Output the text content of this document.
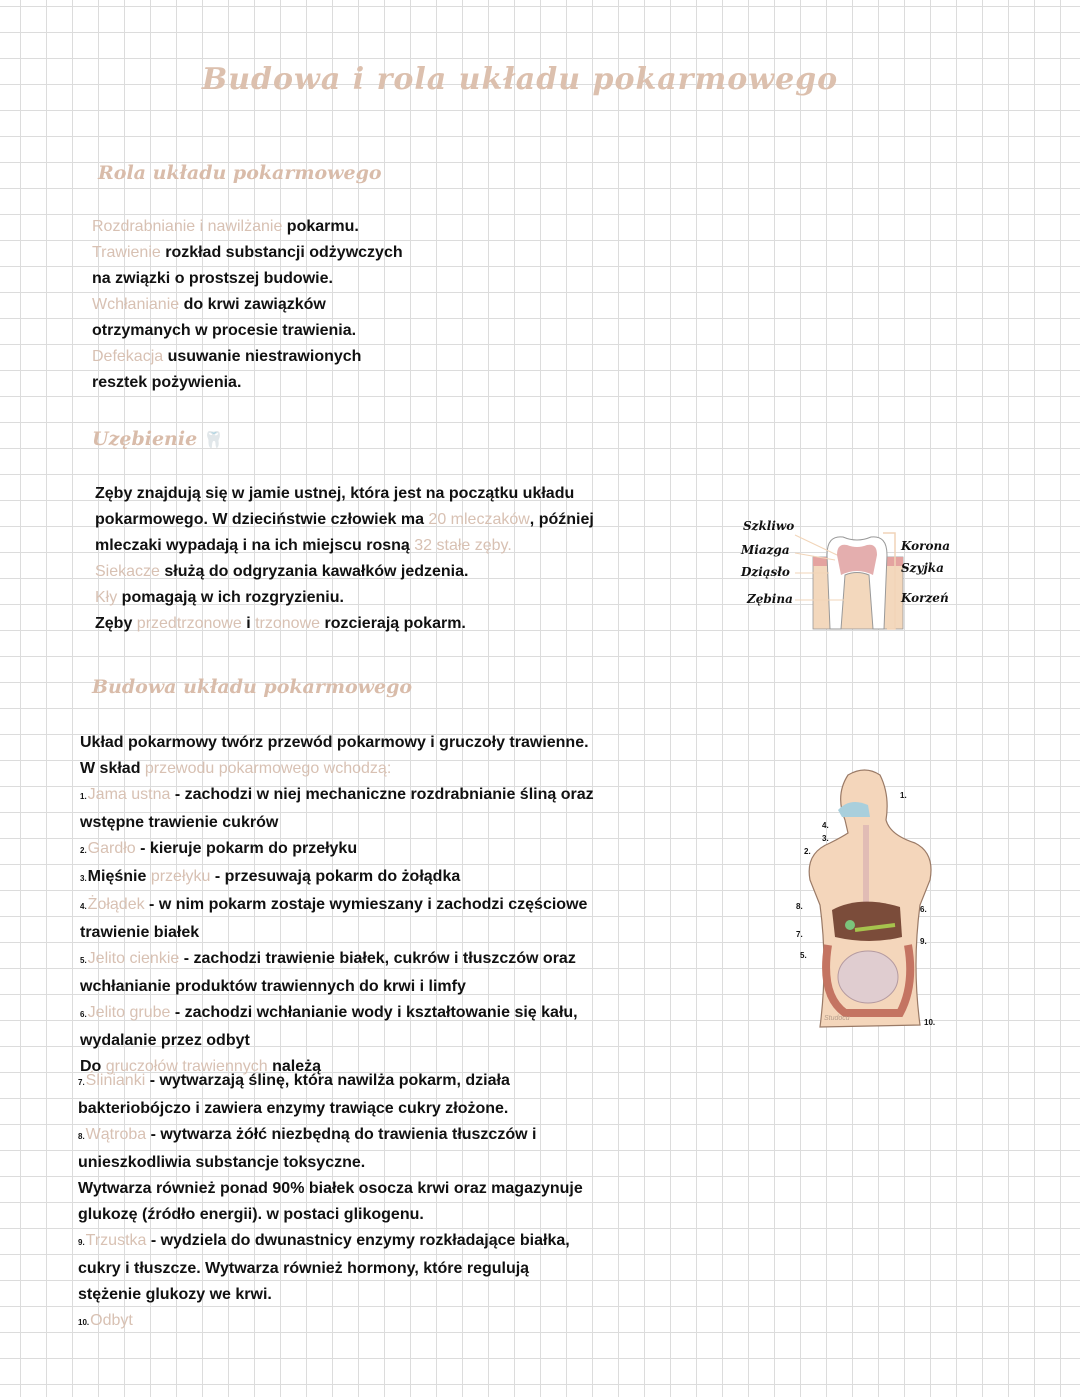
Budowa i rola układu pokarmowego
Rola układu pokarmowego
Rozdrabnianie i nawilżanie pokarmu.
Trawienie rozkład substancji odżywczych
na związki o prostszej budowie.
Wchłanianie do krwi zawiązków
otrzymanych w procesie trawienia.
Defekacja usuwanie niestrawionych
resztek pożywienia.
Uzębienie 🦷
Zęby znajdują się w jamie ustnej, która jest na początku układu
pokarmowego. W dzieciństwie człowiek ma 20 mleczaków, później
mleczaki wypadają i na ich miejscu rosną 32 stałe zęby.
Siekacze służą do odgryzania kawałków jedzenia.
Kły pomagają w ich rozgryzieniu.
Zęby przedtrzonowe i trzonowe rozcierają pokarm.
Budowa układu pokarmowego
Układ pokarmowy twórz przewód pokarmowy i gruczoły trawienne.
W skład przewodu pokarmowego wchodzą:
1.Jama ustna - zachodzi w niej mechaniczne rozdrabnianie śliną oraz
wstępne trawienie cukrów
2.Gardło - kieruje pokarm do przełyku
3.Mięśnie przełyku - przesuwają pokarm do żołądka
4.Żołądek - w nim pokarm zostaje wymieszany i zachodzi częściowe
trawienie białek
5.Jelito cienkie - zachodzi trawienie białek, cukrów i tłuszczów oraz
wchłanianie produktów trawiennych do krwi i limfy
6.Jelito grube - zachodzi wchłanianie wody i kształtowanie się kału,
wydalanie przez odbyt
Do gruczołów trawiennych należą
7.Ślinianki - wytwarzają ślinę, która nawilża pokarm, działa
bakteriobójczo i zawiera enzymy trawiące cukry złożone.
8.Wątroba - wytwarza żółć niezbędną do trawienia tłuszczów i
unieszkodliwia substancje toksyczne.
Wytwarza również ponad 90% białek osocza krwi oraz magazynuje
glukozę (źródło energii). w postaci glikogenu.
9.Trzustka - wydziela do dwunastnicy enzymy rozkładające białka,
cukry i tłuszcze. Wytwarza również hormony, które regulują
stężenie glukozy we krwi.
10.Odbyt
Szkliwo
Miazga
Dziąsło
Zębina
Korona
Szyjka
Korzeń
1.
2.
3.
4.
5.
6.
7.
8.
9.
10.
Studocu
